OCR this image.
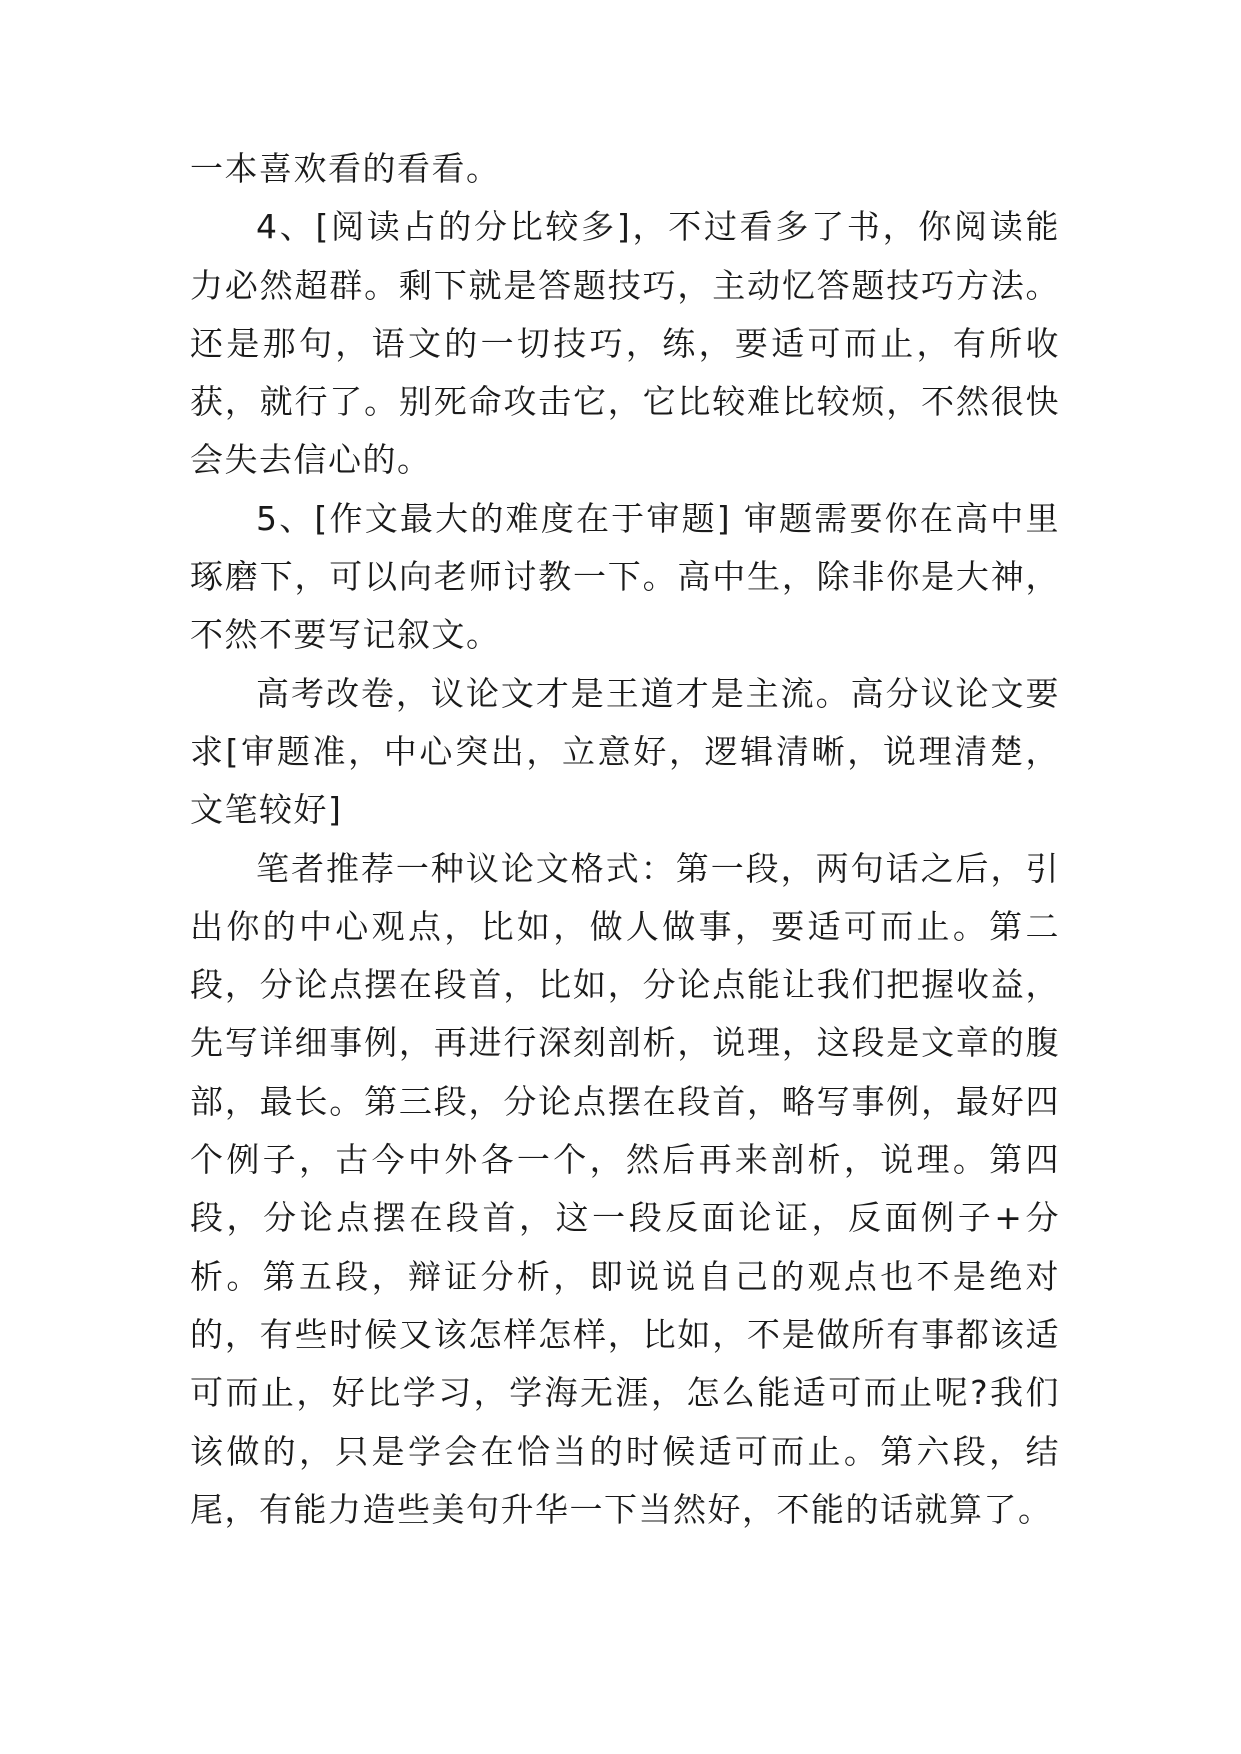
一本喜欢看的看看。

4、[阅读占的分比较多]，不过看多了书，你阅读能力必然超群。剩下就是答题技巧，主动忆答题技巧方法。还是那句，语文的一切技巧，练，要适可而止，有所收获，就行了。别死命攻击它，它比较难比较烦，不然很快会失去信心的。

5、[作文最大的难度在于审题] 审题需要你在高中里琢磨下，可以向老师讨教一下。高中生，除非你是大神，不然不要写记叙文。

高考改卷，议论文才是王道才是主流。高分议论文要求[审题准，中心突出，立意好，逻辑清晰，说理清楚，文笔较好]

笔者推荐一种议论文格式：第一段，两句话之后，引出你的中心观点，比如，做人做事，要适可而止。第二段，分论点摆在段首，比如，分论点能让我们把握收益，先写详细事例，再进行深刻剖析，说理，这段是文章的腹部，最长。第三段，分论点摆在段首，略写事例，最好四个例子，古今中外各一个，然后再来剖析，说理。第四段，分论点摆在段首，这一段反面论证，反面例子+分析。第五段，辩证分析，即说说自己的观点也不是绝对的，有些时候又该怎样怎样，比如，不是做所有事都该适可而止，好比学习，学海无涯，怎么能适可而止呢?我们该做的，只是学会在恰当的时候适可而止。第六段，结尾，有能力造些美句升华一下当然好，不能的话就算了。
